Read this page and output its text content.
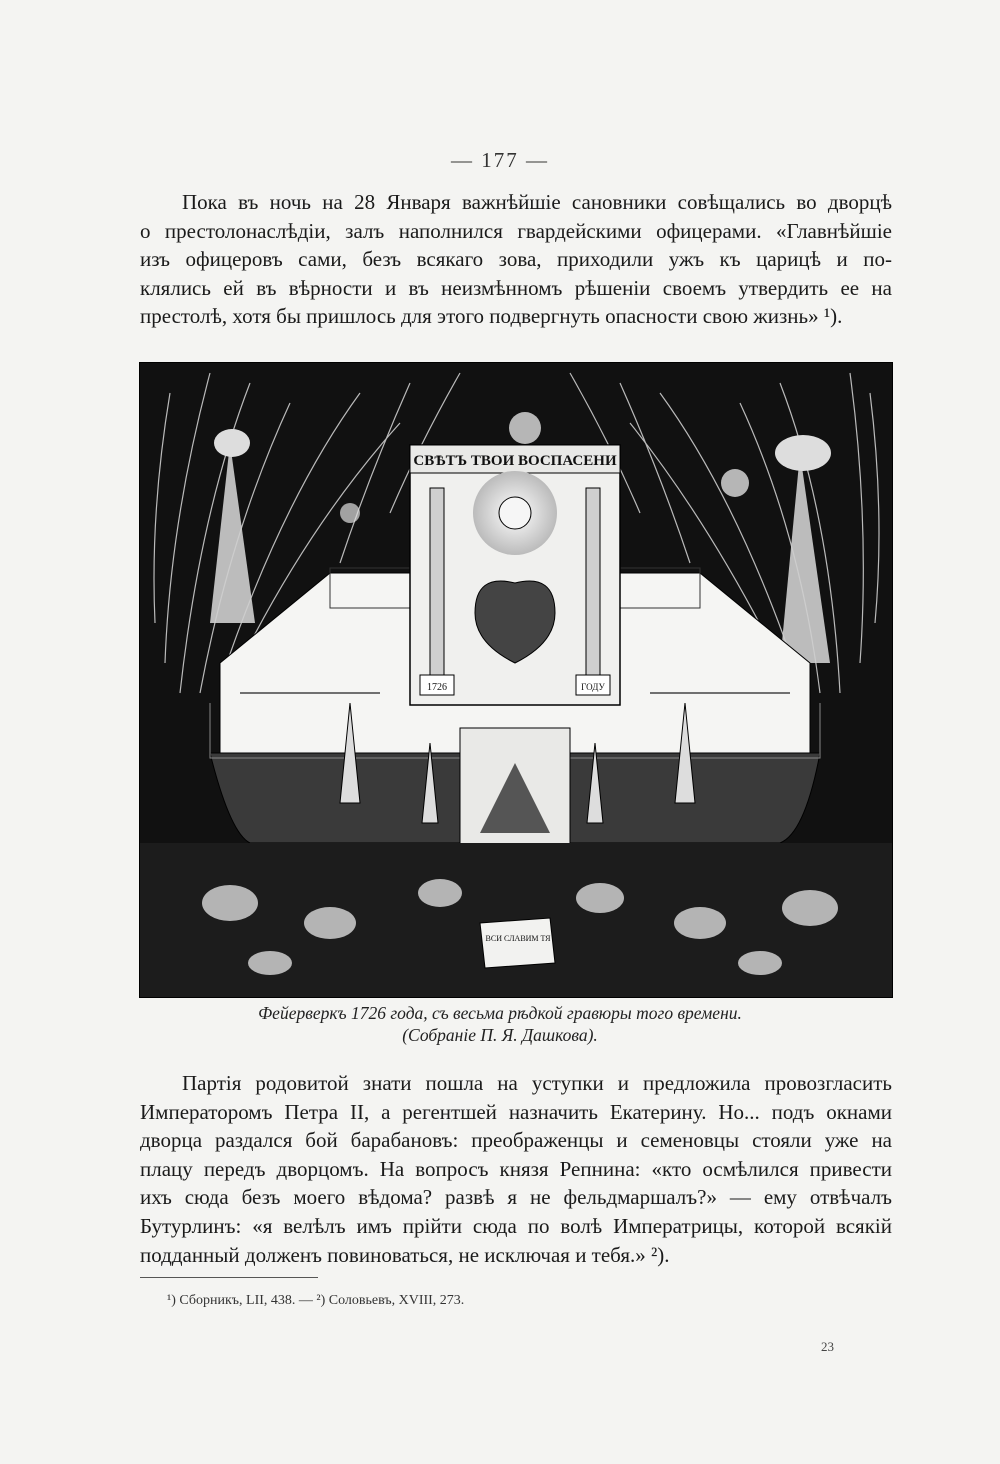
— 177 —
Пока въ ночь на 28 Января важнѣйшіе сановники совѣщались во дворцѣ
о престолонаслѣдіи, залъ наполнился гвардейскими офицерами. «Главнѣйшіе
изъ офицеровъ сами, безъ всякаго зова, приходили ужъ къ царицѣ и по-
клялись ей въ вѣрности и въ неизмѣнномъ рѣшеніи своемъ утвердить ее на
престолѣ, хотя бы пришлось для этого подвергнуть опасности свою жизнь» ¹).
СВѢТЪ ТВОИ ВОСПАСЕНИ
1726	ГОДУ
ВСИ СЛАВИМ ТЯ
Фейерверкъ 1726 года, съ весьма рѣдкой гравюры того времени.
(Собраніе П. Я. Дашкова).
Партія родовитой знати пошла на уступки и предложила провозгласить
Императоромъ Петра II, а регентшей назначить Екатерину. Но... подъ окнами
дворца раздался бой барабановъ: преображенцы и семеновцы стояли уже на
плацу передъ дворцомъ. На вопросъ князя Репнина: «кто осмѣлился привести
ихъ сюда безъ моего вѣдома? развѣ я не фельдмаршалъ?» — ему отвѣчалъ
Бутурлинъ: «я велѣлъ имъ прійти сюда по волѣ Императрицы, которой всякій
подданный долженъ повиноваться, не исключая и тебя.» ²).
¹) Сборникъ, LII, 438. — ²) Соловьевъ, XVIII, 273.
23
